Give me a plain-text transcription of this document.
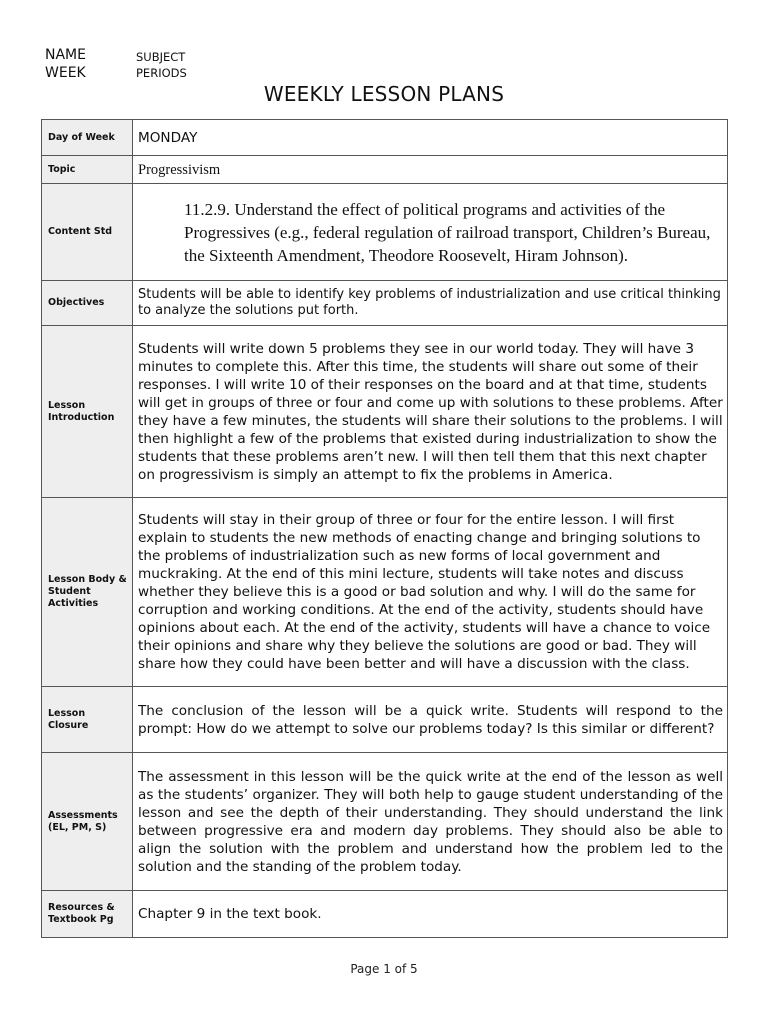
NAME
WEEK
SUBJECT
PERIODS
WEEKLY LESSON PLANS
Day of Week	MONDAY
Topic	Progressivism
Content Std	11.2.9. Understand the effect of political programs and activities of the Progressives (e.g., federal regulation of railroad transport, Children’s Bureau, the Sixteenth Amendment, Theodore Roosevelt, Hiram Johnson).

Objectives	Students will be able to identify key problems of industrialization and use critical thinking to analyze the solutions put forth.
Lesson Introduction	Students will write down 5 problems they see in our world today. They will have 3 minutes to complete this. After this time, the students will share out some of their responses. I will write 10 of their responses on the board and at that time, students will get in groups of three or four and come up with solutions to these problems. After they have a few minutes, the students will share their solutions to the problems. I will then highlight a few of the problems that existed during industrialization to show the students that these problems aren’t new. I will then tell them that this next chapter on progressivism is simply an attempt to fix the problems in America.
Lesson Body & Student Activities	Students will stay in their group of three or four for the entire lesson. I will first explain to students the new methods of enacting change and bringing solutions to the problems of industrialization such as new forms of local government and muckraking. At the end of this mini lecture, students will take notes and discuss whether they believe this is a good or bad solution and why. I will do the same for corruption and working conditions. At the end of the activity, students should have opinions about each. At the end of the activity, students will have a chance to voice their opinions and share why they believe the solutions are good or bad. They will share how they could have been better and will have a discussion with the class.
Lesson Closure	The conclusion of the lesson will be a quick write. Students will respond to the prompt: How do we attempt to solve our problems today? Is this similar or different?
Assessments (EL, PM, S)	The assessment in this lesson will be the quick write at the end of the lesson as well as the students’ organizer. They will both help to gauge student understanding of the lesson and see the depth of their understanding. They should understand the link between progressive era and modern day problems. They should also be able to align the solution with the problem and understand how the problem led to the solution and the standing of the problem today.
Resources & Textbook Pg	Chapter 9 in the text book.
Page 1 of 5
